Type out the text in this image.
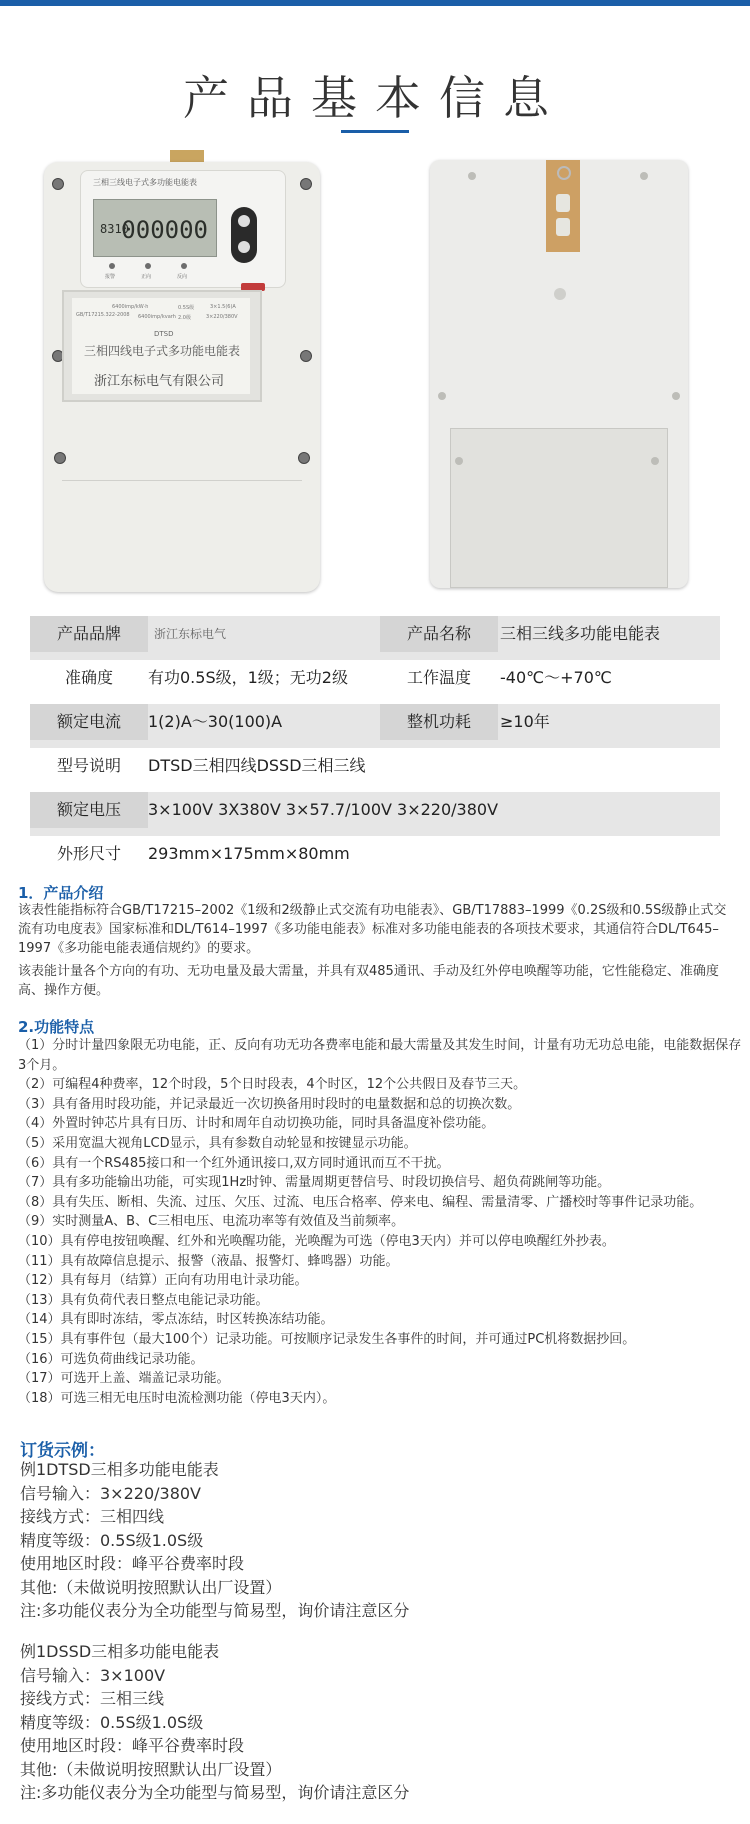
产品基本信息
三相三线电子式多功能电能表
8310
000000
报警	正向	反向
6400imp/kW·h	0.5S级	3×1.5(6)A
GB/T17215.322-2008 6400imp/kvarh 2.0级	3×220/380V
DTSD
三相四线电子式多功能电能表
浙江东标电气有限公司
产品品牌	浙江东标电气	产品名称	三相三线多功能电能表
准确度	有功0.5S级，1级；无功2级	工作温度	-40℃～+70℃
额定电流	1(2)A～30(100)A	整机功耗	≥10年
型号说明	DTSD三相四线DSSD三相三线
额定电压	3×100V 3X380V 3×57.7/100V 3×220/380V
外形尺寸	293mm×175mm×80mm
1．产品介绍
该表性能指标符合GB/T17215–2002《1级和2级静止式交流有功电能表》、GB/T17883–1999《0.2S级和0.5S级静止式交流有功电度表》国家标准和DL/T614–1997《多功能电能表》标准对多功能电能表的各项技术要求，其通信符合DL/T645–1997《多功能电能表通信规约》的要求。
该表能计量各个方向的有功、无功电量及最大需量，并具有双485通讯、手动及红外停电唤醒等功能，它性能稳定、准确度高、操作方便。
2.功能特点
（1）分时计量四象限无功电能，正、反向有功无功各费率电能和最大需量及其发生时间，计量有功无功总电能，电能数据保存3个月。
（2）可编程4种费率，12个时段，5个日时段表，4个时区，12个公共假日及春节三天。
（3）具有备用时段功能，并记录最近一次切换备用时段时的电量数据和总的切换次数。
（4）外置时钟芯片具有日历、计时和周年自动切换功能，同时具备温度补偿功能。
（5）采用宽温大视角LCD显示，具有参数自动轮显和按键显示功能。
（6）具有一个RS485接口和一个红外通讯接口,双方同时通讯而互不干扰。
（7）具有多功能输出功能，可实现1Hz时钟、需量周期更替信号、时段切换信号、超负荷跳闸等功能。
（8）具有失压、断相、失流、过压、欠压、过流、电压合格率、停来电、编程、需量清零、广播校时等事件记录功能。
（9）实时测量A、B、C三相电压、电流功率等有效值及当前频率。
（10）具有停电按钮唤醒、红外和光唤醒功能，光唤醒为可选（停电3天内）并可以停电唤醒红外抄表。
（11）具有故障信息提示、报警（液晶、报警灯、蜂鸣器）功能。
（12）具有每月（结算）正向有功用电计录功能。
（13）具有负荷代表日整点电能记录功能。
（14）具有即时冻结，零点冻结，时区转换冻结功能。
（15）具有事件包（最大100个）记录功能。可按顺序记录发生各事件的时间，并可通过PC机将数据抄回。
（16）可选负荷曲线记录功能。
（17）可选开上盖、端盖记录功能。
（18）可选三相无电压时电流检测功能（停电3天内）。
订货示例：
例1DTSD三相多功能电能表
信号输入：3×220/380V
接线方式：三相四线
精度等级：0.5S级1.0S级
使用地区时段：峰平谷费率时段
其他:（未做说明按照默认出厂设置）
注:多功能仪表分为全功能型与简易型，询价请注意区分
例1DSSD三相多功能电能表
信号输入：3×100V
接线方式：三相三线
精度等级：0.5S级1.0S级
使用地区时段：峰平谷费率时段
其他:（未做说明按照默认出厂设置）
注:多功能仪表分为全功能型与简易型，询价请注意区分
